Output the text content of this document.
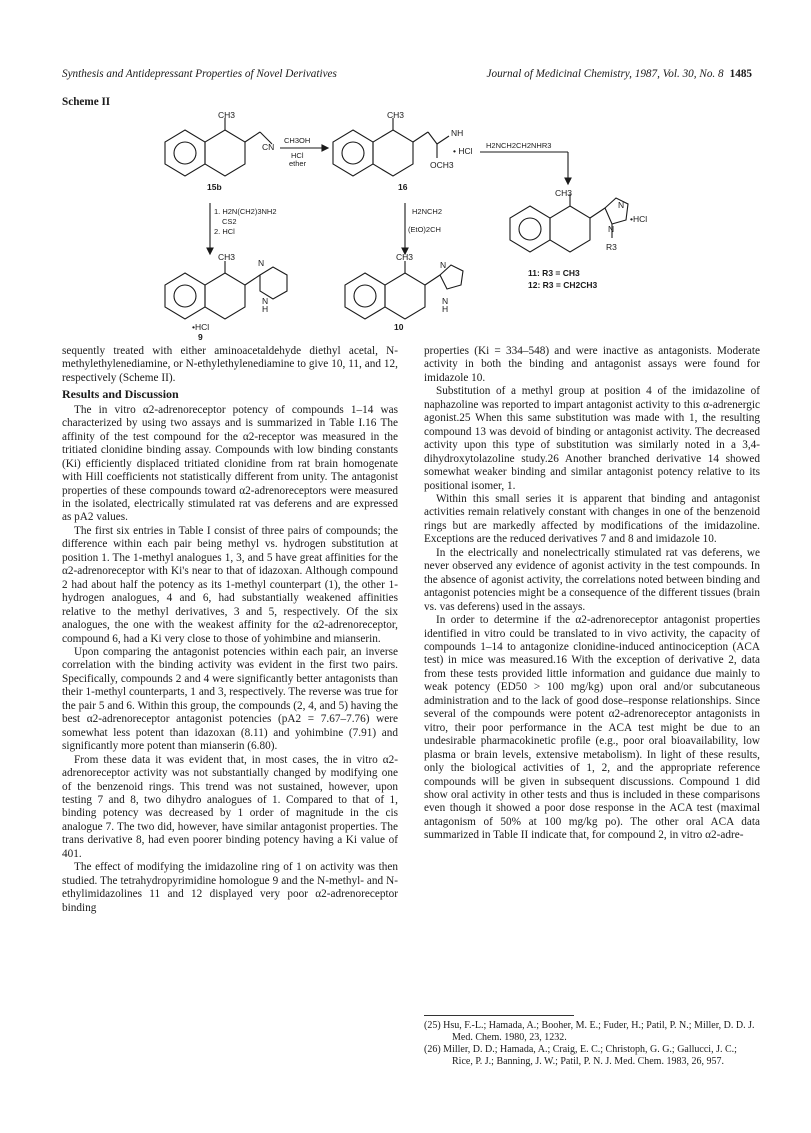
Synthesis and Antidepressant Properties of Novel Derivatives	Journal of Medicinal Chemistry, 1987, Vol. 30, No. 8 1485
Scheme II
CH3
CN
CH3OH
HCl
ether
15b
CH3
NH
OCH3
• HCl
16
H2NCH2CH2NHR3
1. H2N(CH2)3NH2
CS2
2. HCl
H2NCH2
(EtO)2CH
CH3
N
N
R3
•HCl
11: R3 = CH3
12: R3 = CH2CH3
CH3
N
N
H
•HCl
9
CH3
N
N
H
10

sequently treated with either aminoacetaldehyde diethyl acetal, N-methylethylenediamine, or N-ethylethylenediamine to give 10, 11, and 12, respectively (Scheme II).

Results and Discussion

The in vitro α2-adrenoreceptor potency of compounds 1–14 was characterized by using two assays and is summarized in Table I.16 The affinity of the test compound for the α2-receptor was measured in the tritiated clonidine binding assay. Compounds with low binding constants (Ki) efficiently displaced tritiated clonidine from rat brain homogenate with Hill coefficients not statistically different from unity. The antagonist properties of these compounds toward α2-adrenoreceptors were measured in the isolated, electrically stimulated rat vas deferens and are expressed as pA2 values.

The first six entries in Table I consist of three pairs of compounds; the difference within each pair being methyl vs. hydrogen substitution at position 1. The 1-methyl analogues 1, 3, and 5 have great affinities for the α2-adrenoreceptor with Ki's near to that of idazoxan. Although compound 2 had about half the potency as its 1-methyl counterpart (1), the other 1-hydrogen analogues, 4 and 6, had substantially weakened affinities relative to the methyl derivatives, 3 and 5, respectively. Of the six analogues, the one with the weakest affinity for the α2-adrenoreceptor, compound 6, had a Ki very close to those of yohimbine and mianserin.

Upon comparing the antagonist potencies within each pair, an inverse correlation with the binding activity was evident in the first two pairs. Specifically, compounds 2 and 4 were significantly better antagonists than their 1-methyl counterparts, 1 and 3, respectively. The reverse was true for the pair 5 and 6. Within this group, the compounds (2, 4, and 5) having the best α2-adrenoreceptor antagonist potencies (pA2 = 7.67–7.76) were somewhat less potent than idazoxan (8.11) and yohimbine (7.91) and significantly more potent than mianserin (6.80).

From these data it was evident that, in most cases, the in vitro α2-adrenoreceptor activity was not substantially changed by modifying one of the benzenoid rings. This trend was not sustained, however, upon testing 7 and 8, two dihydro analogues of 1. Compared to that of 1, binding potency was decreased by 1 order of magnitude in the cis analogue 7. The two did, however, have similar antagonist properties. The trans derivative 8, had even poorer binding potency having a Ki value of 401.

The effect of modifying the imidazoline ring of 1 on activity was then studied. The tetrahydropyrimidine homologue 9 and the N-methyl- and N-ethylimidazolines 11 and 12 displayed very poor α2-adrenoreceptor binding

properties (Ki = 334–548) and were inactive as antagonists. Moderate activity in both the binding and antagonist assays were found for imidazole 10.

Substitution of a methyl group at position 4 of the imidazoline of naphazoline was reported to impart antagonist activity to this α-adrenergic agonist.25 When this same substitution was made with 1, the resulting compound 13 was devoid of binding or antagonist activity. The decreased activity upon this type of substitution was similarly noted in a 3,4-dihydroxytolazoline study.26 Another branched derivative 14 showed somewhat weaker binding and similar antagonist potency relative to its positional isomer, 1.

Within this small series it is apparent that binding and antagonist activities remain relatively constant with changes in one of the benzenoid rings but are markedly affected by modifications of the imidazoline. Exceptions are the reduced derivatives 7 and 8 and imidazole 10.

In the electrically and nonelectrically stimulated rat vas deferens, we never observed any evidence of agonist activity in the test compounds. In the absence of agonist activity, the correlations noted between binding and antagonist potencies might be a consequence of the different tissues (brain vs. vas deferens) used in the assays.

In order to determine if the α2-adrenoreceptor antagonist properties identified in vitro could be translated to in vivo activity, the capacity of compounds 1–14 to antagonize clonidine-induced antinociception (ACA test) in mice was measured.16 With the exception of derivative 2, data from these tests provided little information and guidance due mainly to weak potency (ED50 > 100 mg/kg) upon oral and/or subcutaneous administration and to the lack of good dose–response relationships. Since several of the compounds were potent α2-adrenoreceptor antagonists in vitro, their poor performance in the ACA test might be due to an undesirable pharmacokinetic profile (e.g., poor oral bioavailability, low plasma or brain levels, extensive metabolism). In light of these results, only the biological activities of 1, 2, and the appropriate reference compounds will be given in subsequent discussions. Compound 1 did show oral activity in other tests and thus is included in these comparisons even though it showed a poor dose response in the ACA test (maximal antagonism of 50% at 100 mg/kg po). The other oral ACA data summarized in Table II indicate that, for compound 2, in vitro α2-adre-

(25) Hsu, F.-L.; Hamada, A.; Booher, M. E.; Fuder, H.; Patil, P. N.; Miller, D. D. J. Med. Chem. 1980, 23, 1232.

(26) Miller, D. D.; Hamada, A.; Craig, E. C.; Christoph, G. G.; Gallucci, J. C.; Rice, P. J.; Banning, J. W.; Patil, P. N. J. Med. Chem. 1983, 26, 957.
